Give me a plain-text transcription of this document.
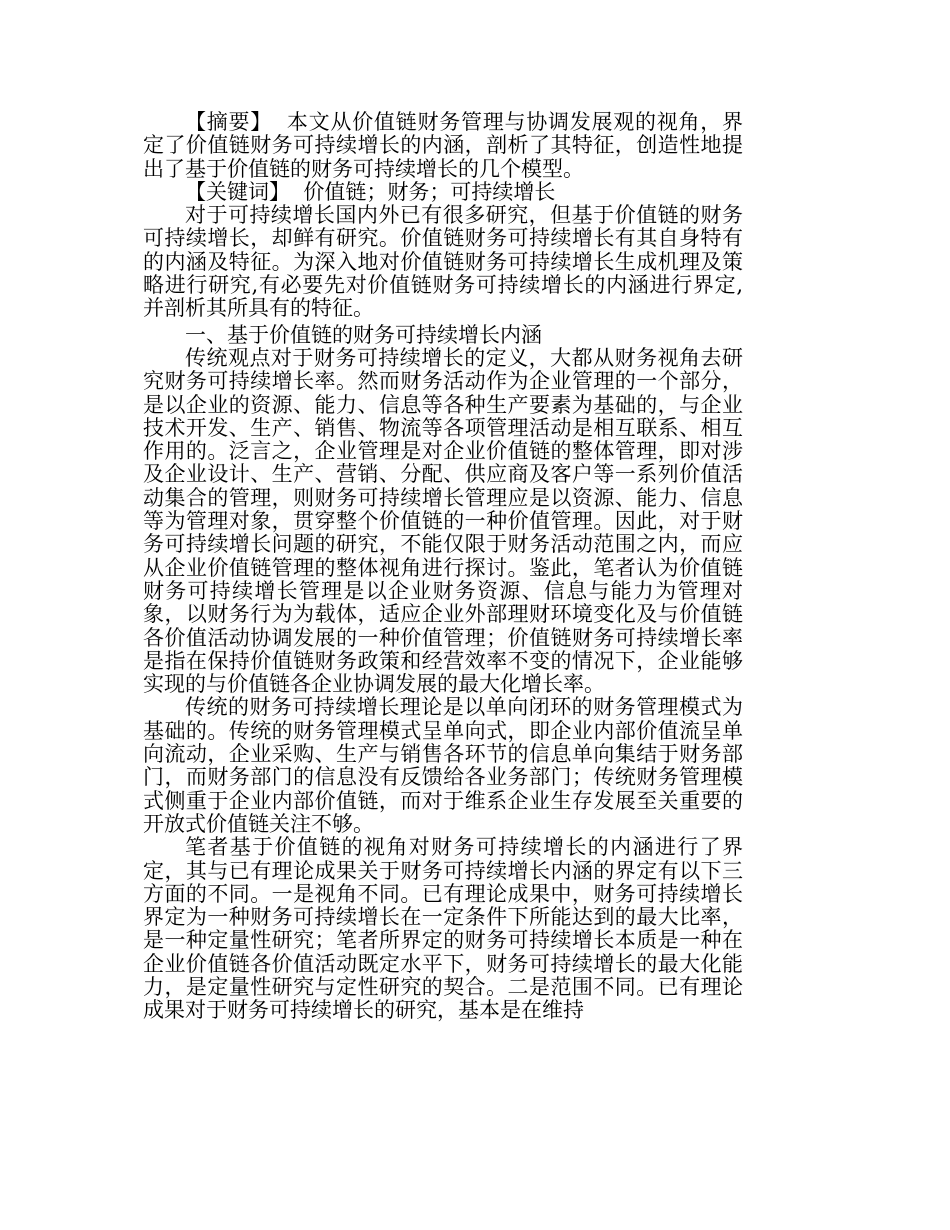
【摘要】 本文从价值链财务管理与协调发展观的视角，界定了价值链财务可持续增长的内涵，剖析了其特征，创造性地提出了基于价值链的财务可持续增长的几个模型。

【关键词】 价值链；财务；可持续增长

对于可持续增长国内外已有很多研究，但基于价值链的财务可持续增长，却鲜有研究。价值链财务可持续增长有其自身特有的内涵及特征。为深入地对价值链财务可持续增长生成机理及策略进行研究,有必要先对价值链财务可持续增长的内涵进行界定,并剖析其所具有的特征。

一、基于价值链的财务可持续增长内涵

传统观点对于财务可持续增长的定义，大都从财务视角去研究财务可持续增长率。然而财务活动作为企业管理的一个部分，是以企业的资源、能力、信息等各种生产要素为基础的，与企业技术开发、生产、销售、物流等各项管理活动是相互联系、相互作用的。泛言之，企业管理是对企业价值链的整体管理，即对涉及企业设计、生产、营销、分配、供应商及客户等一系列价值活动集合的管理，则财务可持续增长管理应是以资源、能力、信息等为管理对象，贯穿整个价值链的一种价值管理。因此，对于财务可持续增长问题的研究，不能仅限于财务活动范围之内，而应从企业价值链管理的整体视角进行探讨。鉴此，笔者认为价值链财务可持续增长管理是以企业财务资源、信息与能力为管理对象，以财务行为为载体，适应企业外部理财环境变化及与价值链各价值活动协调发展的一种价值管理；价值链财务可持续增长率是指在保持价值链财务政策和经营效率不变的情况下，企业能够实现的与价值链各企业协调发展的最大化增长率。

传统的财务可持续增长理论是以单向闭环的财务管理模式为基础的。传统的财务管理模式呈单向式，即企业内部价值流呈单向流动，企业采购、生产与销售各环节的信息单向集结于财务部门，而财务部门的信息没有反馈给各业务部门；传统财务管理模式侧重于企业内部价值链，而对于维系企业生存发展至关重要的开放式价值链关注不够。

笔者基于价值链的视角对财务可持续增长的内涵进行了界定，其与已有理论成果关于财务可持续增长内涵的界定有以下三方面的不同。一是视角不同。已有理论成果中，财务可持续增长界定为一种财务可持续增长在一定条件下所能达到的最大比率，是一种定量性研究；笔者所界定的财务可持续增长本质是一种在企业价值链各价值活动既定水平下，财务可持续增长的最大化能力，是定量性研究与定性研究的契合。二是范围不同。已有理论成果对于财务可持续增长的研究，基本是在维持
